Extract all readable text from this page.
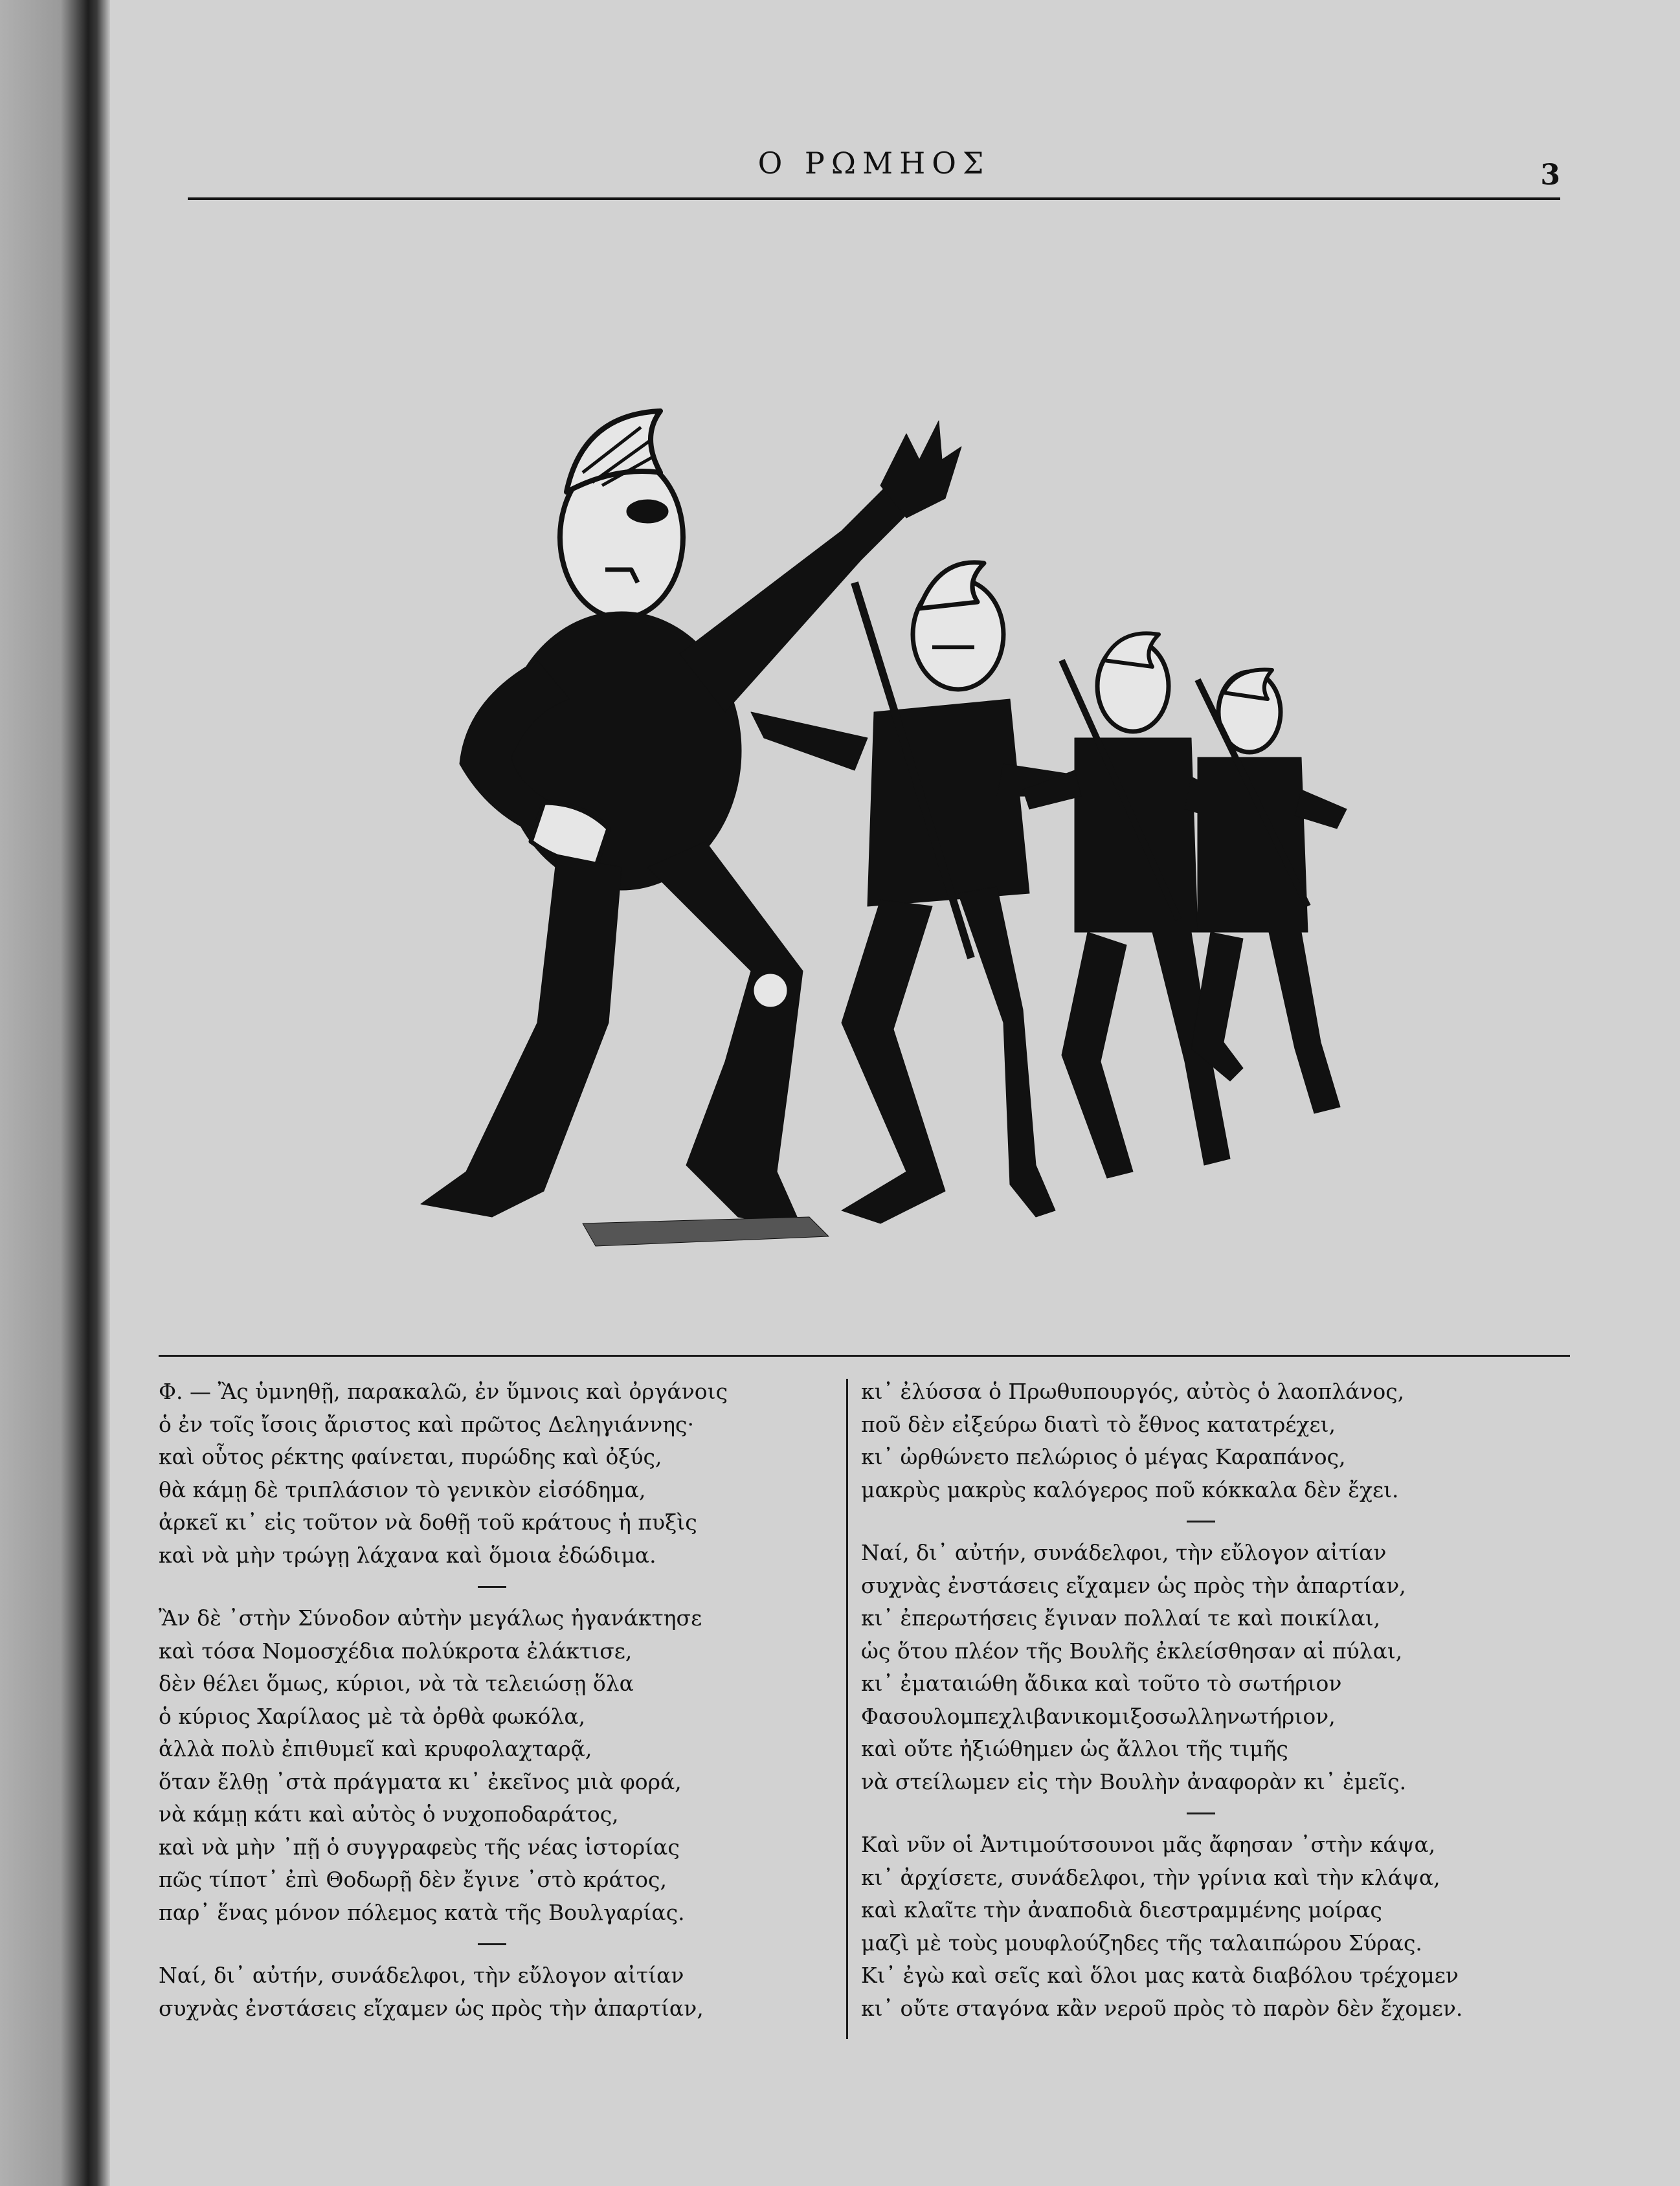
Ο ΡΩΜΗΟΣ	3
Φ. — Ἂς ὑμνηθῇ, παρακαλῶ, ἐν ὕμνοις καὶ ὀργάνοις
ὁ ἐν τοῖς ἴσοις ἄριστος καὶ πρῶτος Δεληγιάννης·
καὶ οὗτος ρέκτης φαίνεται, πυρώδης καὶ ὀξύς,
θὰ κάμῃ δὲ τριπλάσιον τὸ γενικὸν εἰσόδημα,
ἀρκεῖ κι᾽ εἰς τοῦτον νὰ δοθῇ τοῦ κράτους ἡ πυξὶς
καὶ νὰ μὴν τρώγῃ λάχανα καὶ ὅμοια ἐδώδιμα.
Ἂν δὲ ᾽στὴν Σύνοδον αὐτὴν μεγάλως ἠγανάκτησε
καὶ τόσα Νομοσχέδια πολύκροτα ἐλάκτισε,
δὲν θέλει ὅμως, κύριοι, νὰ τὰ τελειώσῃ ὅλα
ὁ κύριος Χαρίλαος μὲ τὰ ὀρθὰ φωκόλα,
ἀλλὰ πολὺ ἐπιθυμεῖ καὶ κρυφολαχταρᾷ,
ὅταν ἔλθῃ ᾽στὰ πράγματα κι᾽ ἐκεῖνος μιὰ φορά,
νὰ κάμῃ κάτι καὶ αὐτὸς ὁ νυχοποδαράτος,
καὶ νὰ μὴν ᾽πῇ ὁ συγγραφεὺς τῆς νέας ἱστορίας
πῶς τίποτ᾽ ἐπὶ Θοδωρῇ δὲν ἔγινε ᾽στὸ κράτος,
παρ᾽ ἕνας μόνον πόλεμος κατὰ τῆς Βουλγαρίας.
Ναί, δι᾽ αὐτήν, συνάδελφοι, τὴν εὔλογον αἰτίαν
συχνὰς ἐνστάσεις εἴχαμεν ὡς πρὸς τὴν ἀπαρτίαν,
κι᾽ ἐλύσσα ὁ Πρωθυπουργός, αὐτὸς ὁ λαοπλάνος,
ποῦ δὲν εἰξεύρω διατὶ τὸ ἔθνος κατατρέχει,
κι᾽ ὠρθώνετο πελώριος ὁ μέγας Καραπάνος,
μακρὺς μακρὺς καλόγερος ποῦ κόκκαλα δὲν ἔχει.
Ναί, δι᾽ αὐτήν, συνάδελφοι, τὴν εὔλογον αἰτίαν
συχνὰς ἐνστάσεις εἴχαμεν ὡς πρὸς τὴν ἀπαρτίαν,
κι᾽ ἐπερωτήσεις ἔγιναν πολλαί τε καὶ ποικίλαι,
ὡς ὅτου πλέον τῆς Βουλῆς ἐκλείσθησαν αἱ πύλαι,
κι᾽ ἐματαιώθη ἄδικα καὶ τοῦτο τὸ σωτήριον
Φασουλομπεχλιβανικομιξοσωλληνωτήριον,
καὶ οὔτε ἠξιώθημεν ὡς ἄλλοι τῆς τιμῆς
νὰ στείλωμεν εἰς τὴν Βουλὴν ἀναφορὰν κι᾽ ἐμεῖς.
Καὶ νῦν οἱ Ἀντιμούτσουνοι μᾶς ἄφησαν ᾽στὴν κάψα,
κι᾽ ἀρχίσετε, συνάδελφοι, τὴν γρίνια καὶ τὴν κλάψα,
καὶ κλαῖτε τὴν ἀναποδιὰ διεστραμμένης μοίρας
μαζὶ μὲ τοὺς μουφλούζηδες τῆς ταλαιπώρου Σύρας.
Κι᾽ ἐγὼ καὶ σεῖς καὶ ὅλοι μας κατὰ διαβόλου τρέχομεν
κι᾽ οὔτε σταγόνα κἂν νεροῦ πρὸς τὸ παρὸν δὲν ἔχομεν.
